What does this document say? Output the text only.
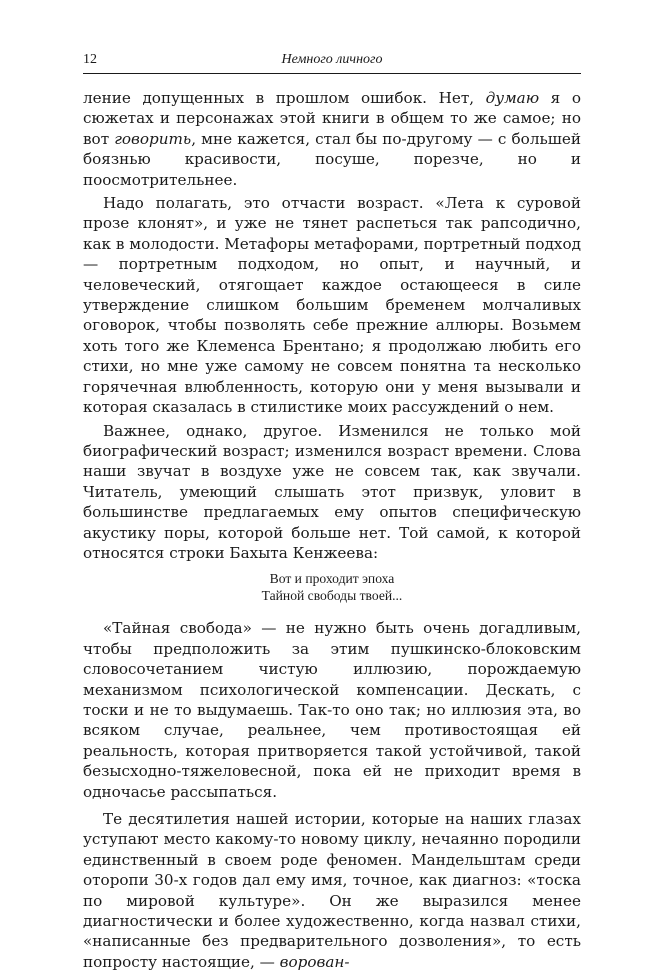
12	Немного личного

ление допущенных в прошлом ошибок. Нет, думаю я о сюжетах и персонажах этой книги в общем то же самое; но вот говорить, мне кажется, стал бы по-другому — с большей боязнью красивости, посуше, порезче, но и поосмотрительнее.

Надо полагать, это отчасти возраст. «Лета к суровой прозе клонят», и уже не тянет распеться так рапсодично, как в молодости. Метафоры метафорами, портретный подход — портретным подходом, но опыт, и научный, и человеческий, отягощает каждое остающееся в силе утверждение слишком большим бременем молчаливых оговорок, чтобы позволять себе прежние аллюры. Возьмем хоть того же Клеменса Брентано; я продолжаю любить его стихи, но мне уже самому не совсем понятна та несколько горячечная влюбленность, которую они у меня вызывали и которая сказалась в стилистике моих рассуждений о нем.

Важнее, однако, другое. Изменился не только мой биографический возраст; изменился возраст времени. Слова наши звучат в воздухе уже не совсем так, как звучали. Читатель, умеющий слышать этот призвук, уловит в большинстве предлагаемых ему опытов специфическую акустику поры, которой больше нет. Той самой, к которой относятся строки Бахыта Кенжеева:

Вот и проходит эпоха
Тайной свободы твоей...

«Тайная свобода» — не нужно быть очень догадливым, чтобы предположить за этим пушкинско-блоковским словосочетанием чистую иллюзию, порождаемую механизмом психологической компенсации. Дескать, с тоски и не то выдумаешь. Так-то оно так; но иллюзия эта, во всяком случае, реальнее, чем противостоящая ей реальность, которая притворяется такой устойчивой, такой безысходно-тяжеловесной, пока ей не приходит время в одночасье рассыпаться.

Те десятилетия нашей истории, которые на наших глазах уступают место какому-то новому циклу, нечаянно породили единственный в своем роде феномен. Мандельштам среди оторопи 30-х годов дал ему имя, точное, как диагноз: «тоска по мировой культуре». Он же выразился менее диагностически и более художественно, когда назвал стихи, «написанные без предварительного дозволения», то есть попросту настоящие, — ворован-
